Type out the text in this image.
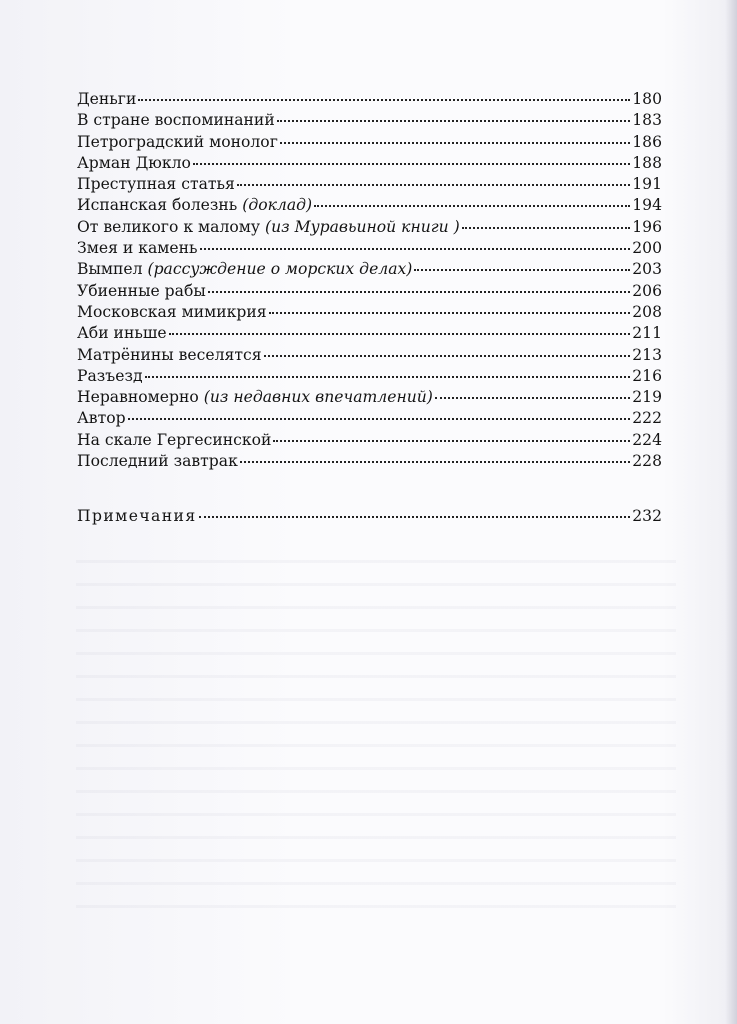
Деньги	180
В стране воспоминаний	183
Петроградский монолог	186
Арман Дюкло	188
Преступная статья	191
Испанская болезнь (доклад)	194
От великого к малому (из Муравьиной книги )	196
Змея и камень	200
Вымпел (рассуждение о морских делах)	203
Убиенные рабы	206
Московская мимикрия	208
Аби иньше	211
Матрёнины веселятся	213
Разъезд	216
Неравномерно (из недавних впечатлений)	219
Автор	222
На скале Гергесинской	224
Последний завтрак	228
Примечания	232
